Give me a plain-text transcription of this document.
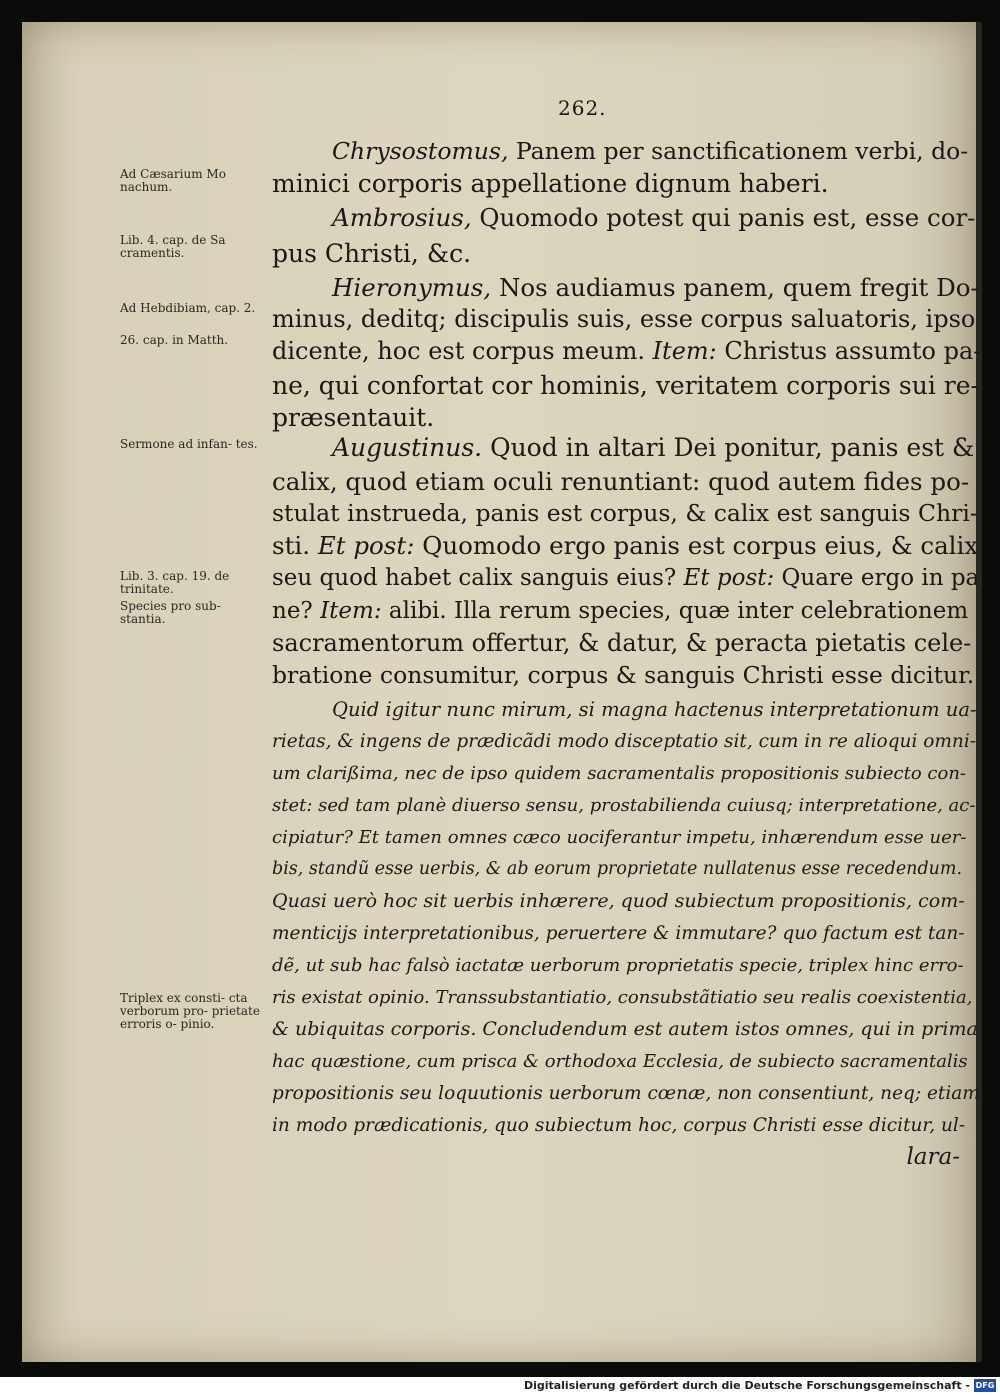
262.
Ad Cæsarium Mo nachum.
Lib. 4. cap. de Sa cramentis.
Ad Hebdibiam, cap. 2.
26. cap. in Matth.
Sermone ad infan- tes.
Lib. 3. cap. 19. de trinitate.
Species pro sub- stantia.
Triplex ex consti- cta verborum pro- prietate erroris o- pinio.
Chrysostomus, Panem per sanctificationem verbi, do-
minici corporis appellatione dignum haberi.
Ambrosius, Quomodo potest qui panis est, esse cor-
pus Christi, &c.
Hieronymus, Nos audiamus panem, quem fregit Do-
minus, deditq; discipulis suis, esse corpus saluatoris, ipso
dicente, hoc est corpus meum. Item: Christus assumto pa-
ne, qui confortat cor hominis, veritatem corporis sui re-
præsentauit.
Augustinus. Quod in altari Dei ponitur, panis est &
calix, quod etiam oculi renuntiant: quod autem fides po-
stulat instrueda, panis est corpus, & calix est sanguis Chri-
sti. Et post: Quomodo ergo panis est corpus eius, & calix
seu quod habet calix sanguis eius? Et post: Quare ergo in pa
ne? Item: alibi. Illa rerum species, quæ inter celebrationem
sacramentorum offertur, & datur, & peracta pietatis cele-
bratione consumitur, corpus & sanguis Christi esse dicitur.
Quid igitur nunc mirum, si magna hactenus interpretationum ua-
rietas, & ingens de prædicãdi modo disceptatio sit, cum in re alioqui omni-
um clarißima, nec de ipso quidem sacramentalis propositionis subiecto con-
stet: sed tam planè diuerso sensu, prostabilienda cuiusq; interpretatione, ac-
cipiatur? Et tamen omnes cæco uociferantur impetu, inhærendum esse uer-
bis, standũ esse uerbis, & ab eorum proprietate nullatenus esse recedendum.
Quasi uerò hoc sit uerbis inhærere, quod subiectum propositionis, com-
menticijs interpretationibus, peruertere & immutare? quo factum est tan-
dẽ, ut sub hac falsò iactatæ uerborum proprietatis specie, triplex hinc erro-
ris existat opinio. Transsubstantiatio, consubstãtiatio seu realis coexistentia,
& ubiquitas corporis. Concludendum est autem istos omnes, qui in prima
hac quæstione, cum prisca & orthodoxa Ecclesia, de subiecto sacramentalis
propositionis seu loquutionis uerborum cœnæ, non consentiunt, neq; etiam
in modo prædicationis, quo subiectum hoc, corpus Christi esse dicitur, ul-
lara-
Digitalisierung gefördert durch die Deutsche Forschungsgemeinschaft - DFG
